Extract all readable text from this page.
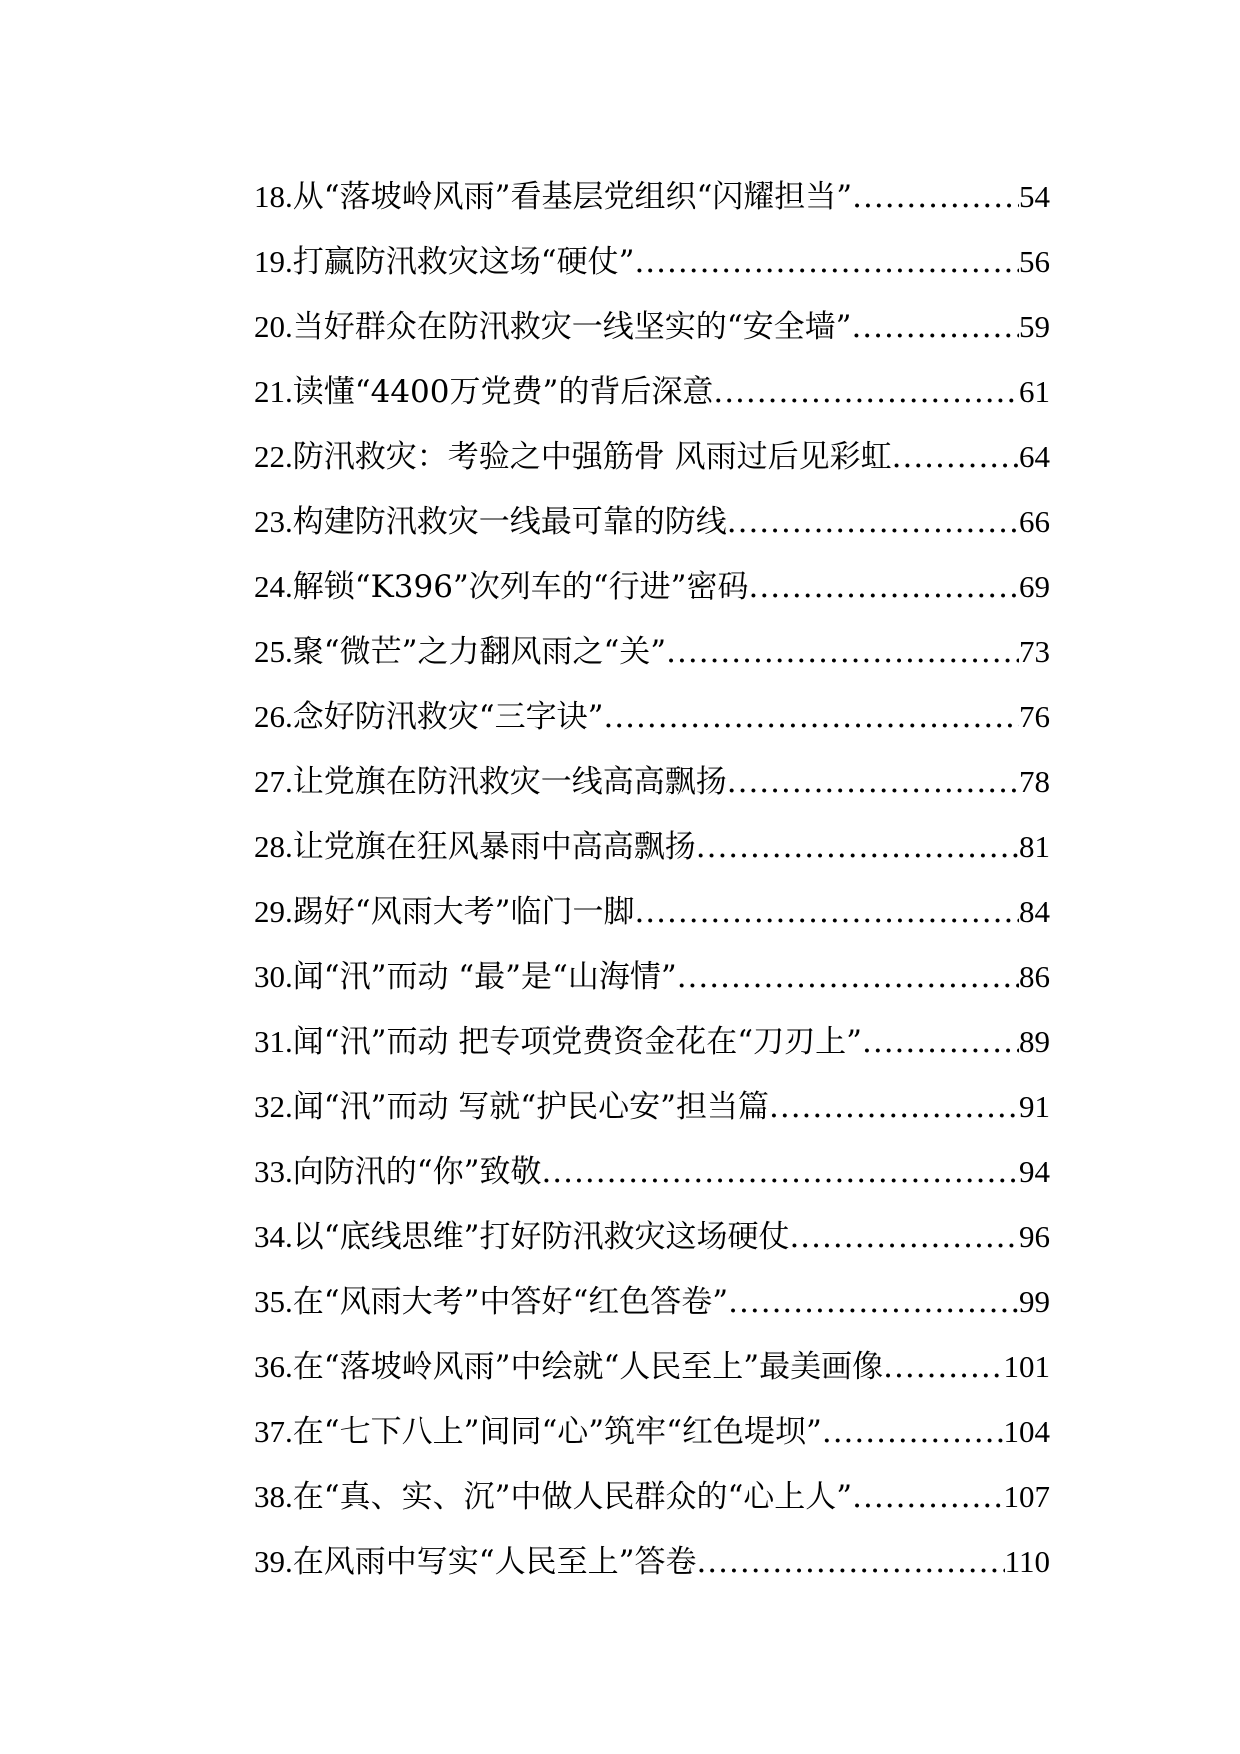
18. 从“落坡岭风雨”看基层党组织“闪耀担当” .....	54
19. 打赢防汛救灾这场“硬仗” .....	56
20. 当好群众在防汛救灾一线坚实的“安全墙” .....	59
21. 读懂“4400万党费”的背后深意 .....	61
22. 防汛救灾：考验之中强筋骨 风雨过后见彩虹 .....	64
23. 构建防汛救灾一线最可靠的防线 .....	66
24. 解锁“K396”次列车的“行进”密码 .....	69
25. 聚“微芒”之力翻风雨之“关” .....	73
26. 念好防汛救灾“三字诀” .....	76
27. 让党旗在防汛救灾一线高高飘扬 .....	78
28. 让党旗在狂风暴雨中高高飘扬 .....	81
29. 踢好“风雨大考”临门一脚 .....	84
30. 闻“汛”而动 “最”是“山海情” .....	86
31. 闻“汛”而动 把专项党费资金花在“刀刃上” .....	89
32. 闻“汛”而动 写就“护民心安”担当篇 .....	91
33. 向防汛的“你”致敬 .....	94
34. 以“底线思维”打好防汛救灾这场硬仗 .....	96
35. 在“风雨大考”中答好“红色答卷” .....	99
36. 在“落坡岭风雨”中绘就“人民至上”最美画像 .....	101
37. 在“七下八上”间同“心”筑牢“红色堤坝” .....	104
38. 在“真、实、沉”中做人民群众的“心上人” .....	107
39. 在风雨中写实“人民至上”答卷 .....	110
